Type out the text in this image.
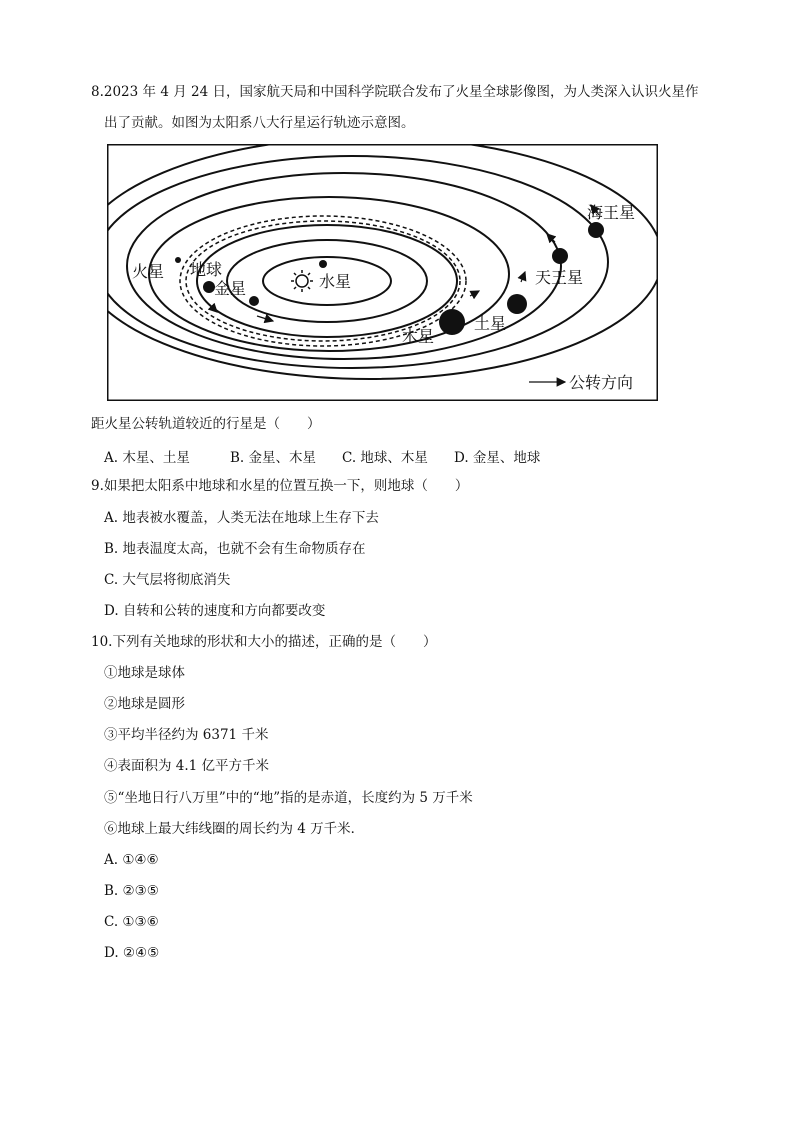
8.2023 年 4 月 24 日，国家航天局和中国科学院联合发布了火星全球影像图，为人类深入认识火星作
出了贡献。如图为太阳系八大行星运行轨迹示意图。
火星 地球
金星	水星
木星
土星
天王星
海王星
公转方向
距火星公转轨道较近的行星是（　　）
A. 木星、土星	B. 金星、木星 C. 地球、木星 D. 金星、地球
9.如果把太阳系中地球和水星的位置互换一下，则地球（　　）
A. 地表被水覆盖，人类无法在地球上生存下去
B. 地表温度太高，也就不会有生命物质存在
C. 大气层将彻底消失
D. 自转和公转的速度和方向都要改变
10.下列有关地球的形状和大小的描述，正确的是（　　）
①地球是球体
②地球是圆形
③平均半径约为 6371 千米
④表面积为 4.1 亿平方千米
⑤“坐地日行八万里”中的“地”指的是赤道，长度约为 5 万千米
⑥地球上最大纬线圈的周长约为 4 万千米．
A. ①④⑥
B. ②③⑤
C. ①③⑥
D. ②④⑤
